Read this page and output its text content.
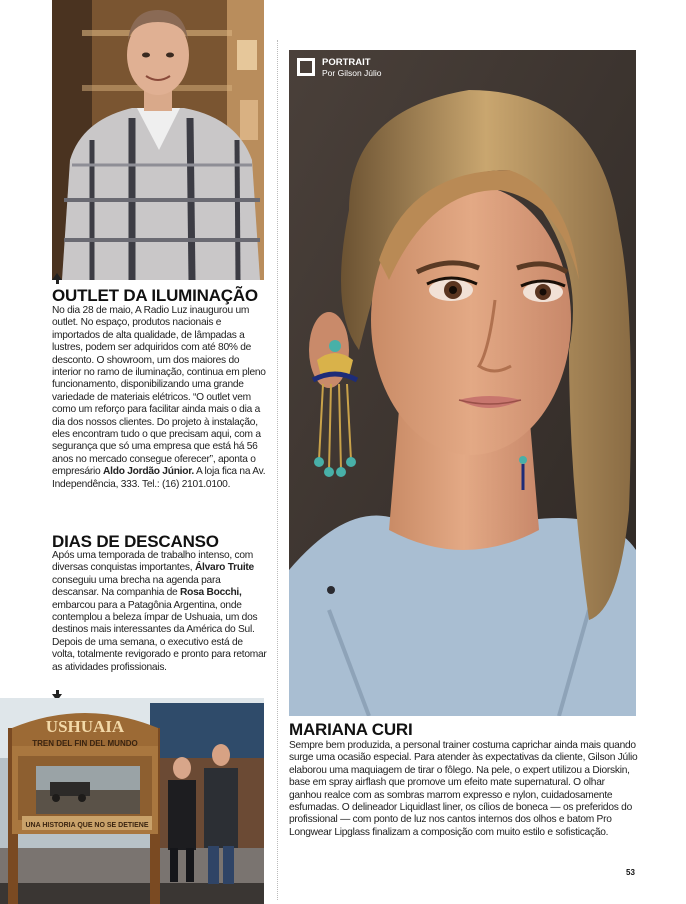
OUTLET DA ILUMINAÇÃO

No dia 28 de maio, A Radio Luz inaugurou um outlet. No espaço, produtos nacionais e importados de alta qualidade, de lâmpadas a lustres, podem ser adquiridos com até 80% de desconto. O showroom, um dos maiores do interior no ramo de iluminação, continua em pleno funcionamento, disponibilizando uma grande variedade de materiais elétricos. “O outlet vem como um reforço para facilitar ainda mais o dia a dia dos nossos clientes. Do projeto à instalação, eles encontram tudo o que precisam aqui, com a segurança que só uma empresa que está há 56 anos no mercado consegue oferecer”, aponta o empresário Aldo Jordão Júnior. A loja fica na Av. Independência, 333. Tel.: (16) 2101.0100.

DIAS DE DESCANSO

Após uma temporada de trabalho intenso, com diversas conquistas importantes, Álvaro Truite conseguiu uma brecha na agenda para descansar. Na companhia de Rosa Bocchi, embarcou para a Patagônia Argentina, onde contemplou a beleza ímpar de Ushuaia, um dos destinos mais interessantes da América do Sul. Depois de uma semana, o executivo está de volta, totalmente revigorado e pronto para retomar as atividades profissionais.

USHUAIA
TREN DEL FIN DEL MUNDO
UNA HISTORIA QUE NO SE DETIENE
PORTRAIT
Por Gilson Júlio
MARIANA CURI

Sempre bem produzida, a personal trainer costuma caprichar ainda mais quando surge uma ocasião especial. Para atender às expectativas da cliente, Gilson Júlio elaborou uma maquiagem de tirar o fôlego. Na pele, o expert utilizou a Diorskin, base em spray airflash que promove um efeito mate supernatural. O olhar ganhou realce com as sombras marrom expresso e nylon, cuidadosamente esfumadas. O delineador Liquidlast liner, os cílios de boneca — os preferidos do profissional — com ponto de luz nos cantos internos dos olhos e batom Pro Longwear Lipglass finalizam a composição com muito estilo e sofisticação.

53
